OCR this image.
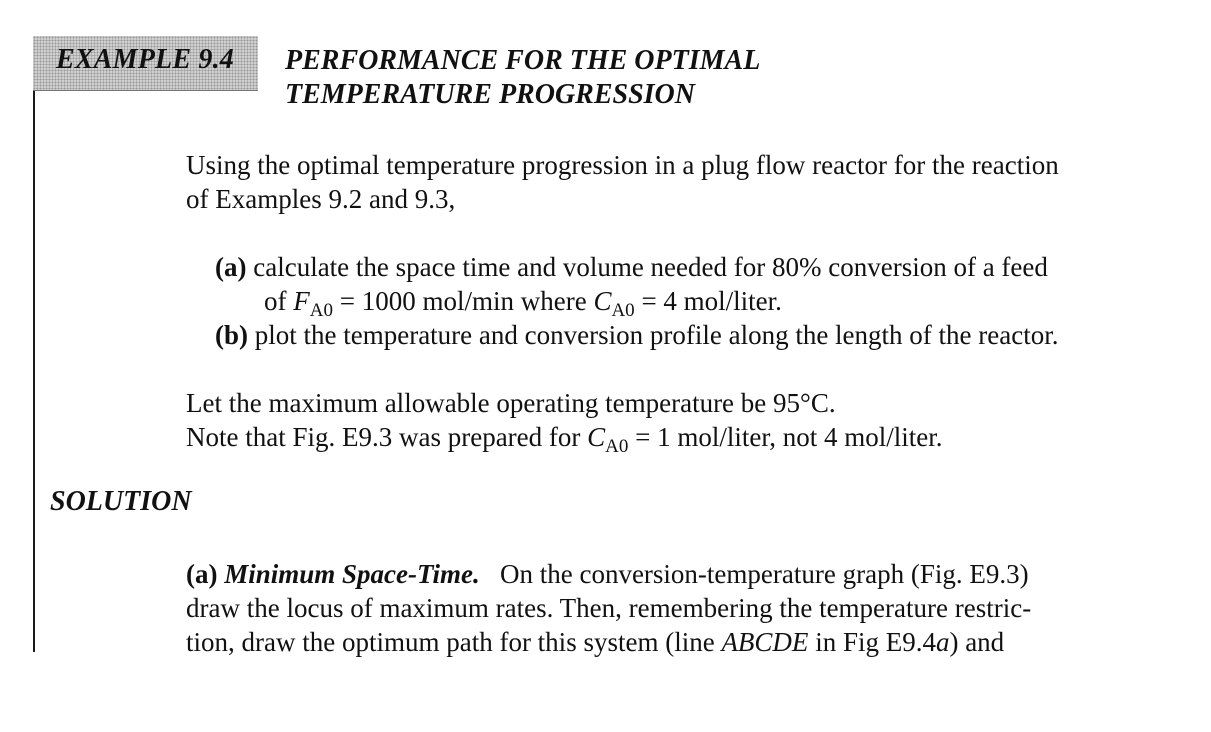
EXAMPLE 9.4 PERFORMANCE FOR THE OPTIMAL
TEMPERATURE PROGRESSION
Using the optimal temperature progression in a plug flow reactor for the reaction
of Examples 9.2 and 9.3,
(a) calculate the space time and volume needed for 80% conversion of a feed
of $F_{A0} = 1000$ mol/min where $C_{A0} = 4$ mol/liter.
(b) plot the temperature and conversion profile along the length of the reactor.
Let the maximum allowable operating temperature be 95°C.
Note that Fig. E9.3 was prepared for $C_{A0} = 1$ mol/liter, not 4 mol/liter.
SOLUTION
(a) Minimum Space-Time. On the conversion-temperature graph (Fig. E9.3)
draw the locus of maximum rates. Then, remembering the temperature restric-
tion, draw the optimum path for this system (line ABCDE in Fig E9.4a) and
